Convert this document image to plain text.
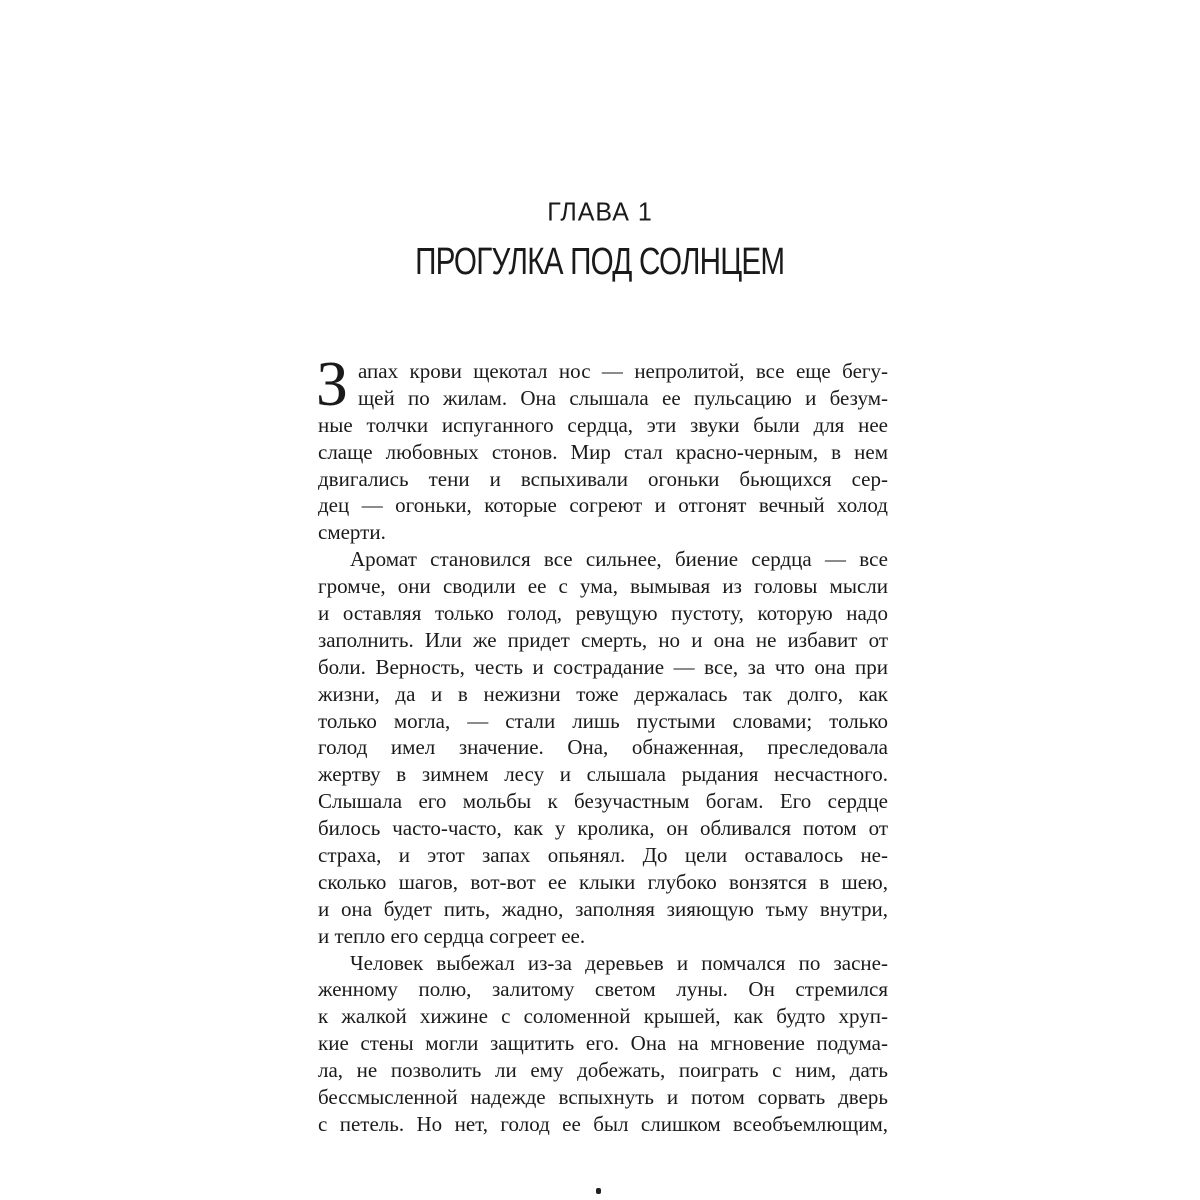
ГЛАВА 1
ПРОГУЛКА ПОД СОЛНЦЕМ
З апах крови щекотал нос — непролитой, все еще бегу-
щей по жилам. Она слышала ее пульсацию и безум-
ные толчки испуганного сердца, эти звуки были для нее
слаще любовных стонов. Мир стал красно-черным, в нем
двигались тени и вспыхивали огоньки бьющихся сер-
дец — огоньки, которые согреют и отгонят вечный холод
смерти.
Аромат становился все сильнее, биение сердца — все
громче, они сводили ее с ума, вымывая из головы мысли
и оставляя только голод, ревущую пустоту, которую надо
заполнить. Или же придет смерть, но и она не избавит от
боли. Верность, честь и сострадание — все, за что она при
жизни, да и в нежизни тоже держалась так долго, как
только могла, — стали лишь пустыми словами; только
голод имел значение. Она, обнаженная, преследовала
жертву в зимнем лесу и слышала рыдания несчастного.
Слышала его мольбы к безучастным богам. Его сердце
билось часто-часто, как у кролика, он обливался потом от
страха, и этот запах опьянял. До цели оставалось не-
сколько шагов, вот-вот ее клыки глубоко вонзятся в шею,
и она будет пить, жадно, заполняя зияющую тьму внутри,
и тепло его сердца согреет ее.
Человек выбежал из-за деревьев и помчался по заснe-
женному полю, залитому светом луны. Он стремился
к жалкой хижине с соломенной крышей, как будто хруп-
кие стены могли защитить его. Она на мгновение подума-
ла, не позволить ли ему добежать, поиграть с ним, дать
бессмысленной надежде вспыхнуть и потом сорвать дверь
с петель. Но нет, голод ее был слишком всеобъемлющим,
